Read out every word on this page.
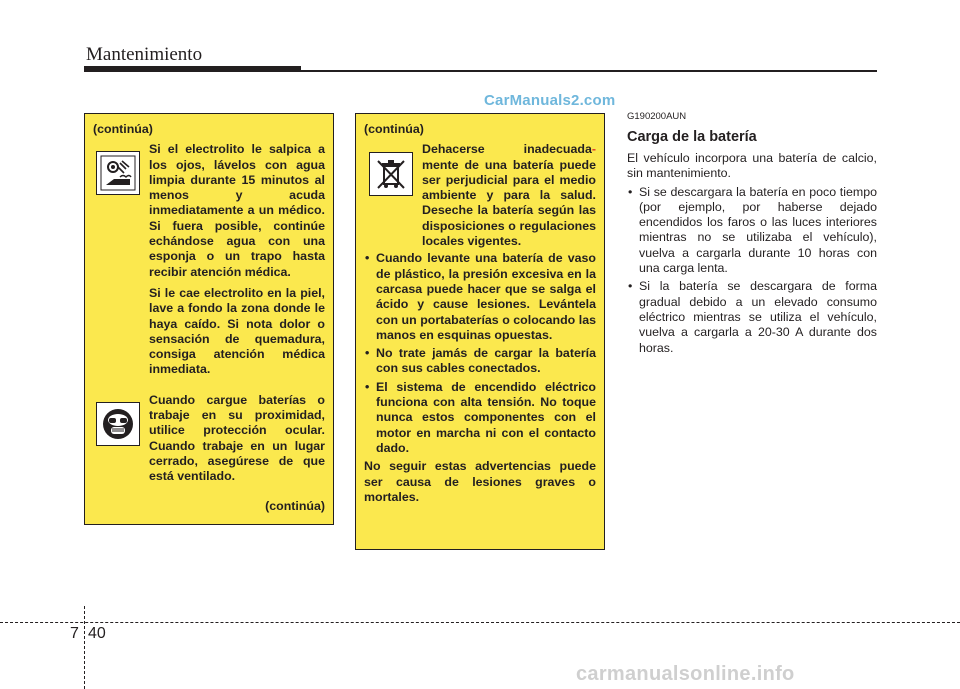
Mantenimiento
CarManuals2.com
(continúa)

Si el electrolito le salpica a los ojos, lávelos con agua limpia durante 15 minutos al menos y acuda inmediatamente a un médico. Si fuera posible, continúe echándose agua con una esponja o un trapo hasta recibir atención médica.

Si le cae electrolito en la piel, lave a fondo la zona donde le haya caído. Si nota dolor o sensación de quemadura, consiga atención médica inmediata.

Cuando cargue baterías o trabaje en su proximidad, utilice protección ocular. Cuando trabaje en un lugar cerrado, asegúrese de que está ventilado.

(continúa)
(continúa)

Dehacerse inadecuada- mente de una batería puede ser perjudicial para el medio ambiente y para la salud. Deseche la batería según las disposiciones o regulaciones locales vigentes.

• Cuando levante una batería de vaso de plástico, la presión excesiva en la carcasa puede hacer que se salga el ácido y cause lesiones. Levántela con un portabaterías o colocando las manos en esquinas opuestas.
• No trate jamás de cargar la batería con sus cables conectados.
• El sistema de encendido eléctrico funciona con alta tensión. No toque nunca estos componentes con el motor en marcha ni con el contacto dado.

No seguir estas advertencias puede ser causa de lesiones graves o mortales.

G190200AUN
Carga de la batería

El vehículo incorpora una batería de calcio, sin mantenimiento.

• Si se descargara la batería en poco tiempo (por ejemplo, por haberse dejado encendidos los faros o las luces interiores mientras no se utilizaba el vehículo), vuelva a cargarla durante 10 horas con una carga lenta.
• Si la batería se descargara de forma gradual debido a un elevado consumo eléctrico mientras se utiliza el vehículo, vuelva a cargarla a 20-30 A durante dos horas.
7 40
carmanualsonline.info
